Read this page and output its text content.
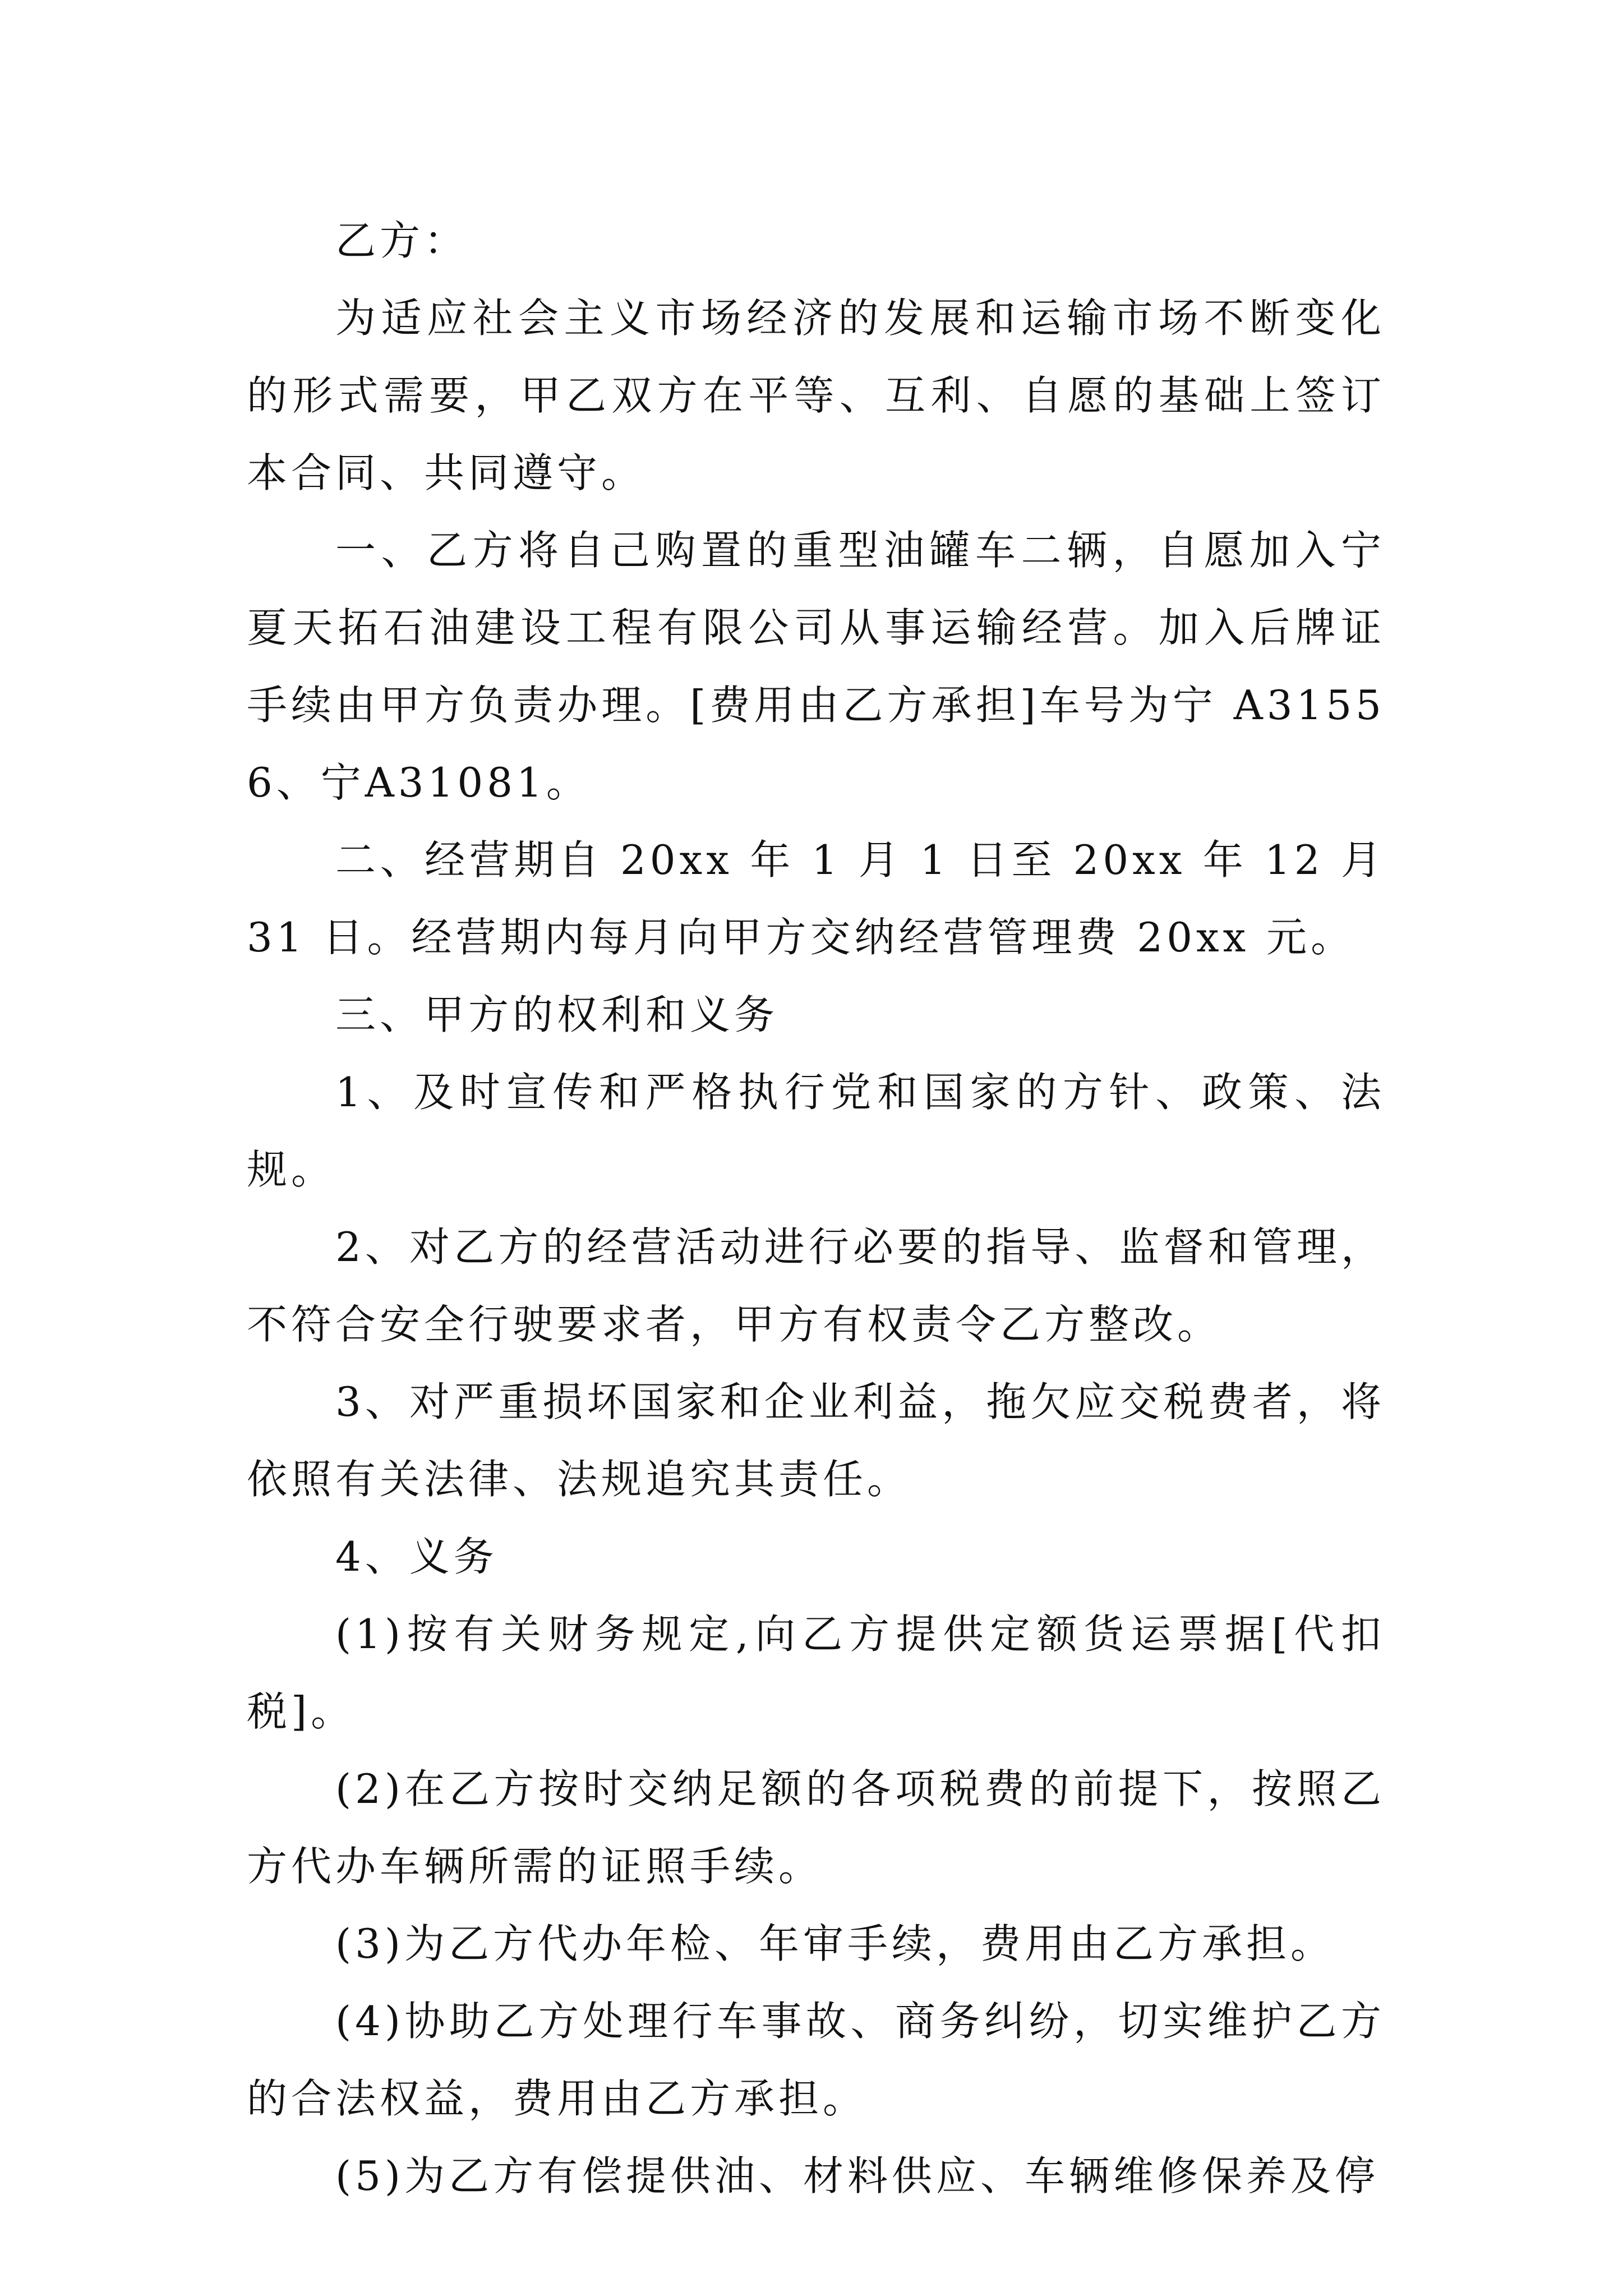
乙方：

为适应社会主义市场经济的发展和运输市场不断变化的形式需要，甲乙双方在平等、互利、自愿的基础上签订本合同、共同遵守。

一、乙方将自己购置的重型油罐车二辆，自愿加入宁夏天拓石油建设工程有限公司从事运输经营。加入后牌证手续由甲方负责办理。[费用由乙方承担]车号为宁 A31556、宁A31081。

二、经营期自 20xx 年 1 月 1 日至 20xx 年 12 月 31 日。经营期内每月向甲方交纳经营管理费 20xx 元。

三、甲方的权利和义务

1、及时宣传和严格执行党和国家的方针、政策、法规。

2、对乙方的经营活动进行必要的指导、监督和管理，不符合安全行驶要求者，甲方有权责令乙方整改。

3、对严重损坏国家和企业利益，拖欠应交税费者，将依照有关法律、法规追究其责任。

4、义务

(1)按有关财务规定,向乙方提供定额货运票据[代扣税]。

(2)在乙方按时交纳足额的各项税费的前提下，按照乙方代办车辆所需的证照手续。

(3)为乙方代办年检、年审手续，费用由乙方承担。

(4)协助乙方处理行车事故、商务纠纷，切实维护乙方的合法权益，费用由乙方承担。

(5)为乙方有偿提供油、材料供应、车辆维修保养及停
